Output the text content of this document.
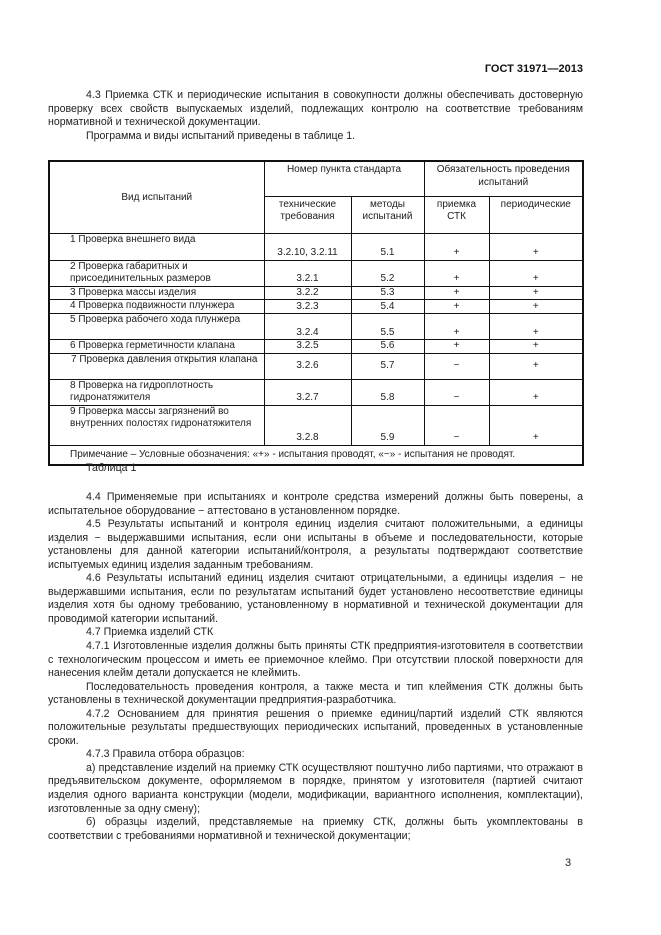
ГОСТ 31971—2013

4.3 Приемка СТК и периодические испытания в совокупности должны обеспечивать достоверную проверку всех свойств выпускаемых изделий, подлежащих контролю на соответствие требованиям нормативной и технической документации.

Программа и виды испытаний приведены в таблице 1.

Вид испытаний	Номер пункта стандарта		Обязательность проведения испытаний	
	технические требования	методы испытаний	приемка СТК	периодические
1 Проверка внешнего вида	3.2.10, 3.2.11	5.1	+	+
2 Проверка габаритных и присоединительных размеров	3.2.1	5.2	+	+
3 Проверка массы изделия	3.2.2	5.3	+	+
4 Проверка подвижности плунжера	3.2.3	5.4	+	+
5 Проверка рабочего хода плунжера	3.2.4	5.5	+	+
6 Проверка герметичности клапана	3.2.5	5.6	+	+
7 Проверка давления открытия клапана	3.2.6	5.7	−	+
8 Проверка на гидроплотность гидронатяжителя	3.2.7	5.8	−	+
9 Проверка массы загрязнений во внутренних полостях гидронатяжителя	3.2.8	5.9	−	+
Примечание – Условные обозначения: «+» - испытания проводят, «−» - испытания не проводят.				
Таблица 1

4.4 Применяемые при испытаниях и контроле средства измерений должны быть поверены, а испытательное оборудование − аттестовано в установленном порядке.

4.5 Результаты испытаний и контроля единиц изделия считают положительными, а единицы изделия − выдержавшими испытания, если они испытаны в объеме и последовательности, которые установлены для данной категории испытаний/контроля, а результаты подтверждают соответствие испытуемых единиц изделия заданным требованиям.

4.6 Результаты испытаний единиц изделия считают отрицательными, а единицы изделия − не выдержавшими испытания, если по результатам испытаний будет установлено несоответствие единицы изделия хотя бы одному требованию, установленному в нормативной и технической документации для проводимой категории испытаний.

4.7 Приемка изделий СТК

4.7.1 Изготовленные изделия должны быть приняты СТК предприятия-изготовителя в соответствии с технологическим процессом и иметь ее приемочное клеймо. При отсутствии плоской поверхности для нанесения клейм детали допускается не клеймить.

Последовательность проведения контроля, а также места и тип клеймения СТК должны быть установлены в технической документации предприятия-разработчика.

4.7.2 Основанием для принятия решения о приемке единиц/партий изделий СТК являются положительные результаты предшествующих периодических испытаний, проведенных в установленные сроки.

4.7.3 Правила отбора образцов:

а) представление изделий на приемку СТК осуществляют поштучно либо партиями, что отражают в предъявительском документе, оформляемом в порядке, принятом у изготовителя (партией считают изделия одного варианта конструкции (модели, модификации, вариантного исполнения, комплектации), изготовленные за одну смену);

б) образцы изделий, представляемые на приемку СТК, должны быть укомплектованы в соответствии с требованиями нормативной и технической документации;

3
